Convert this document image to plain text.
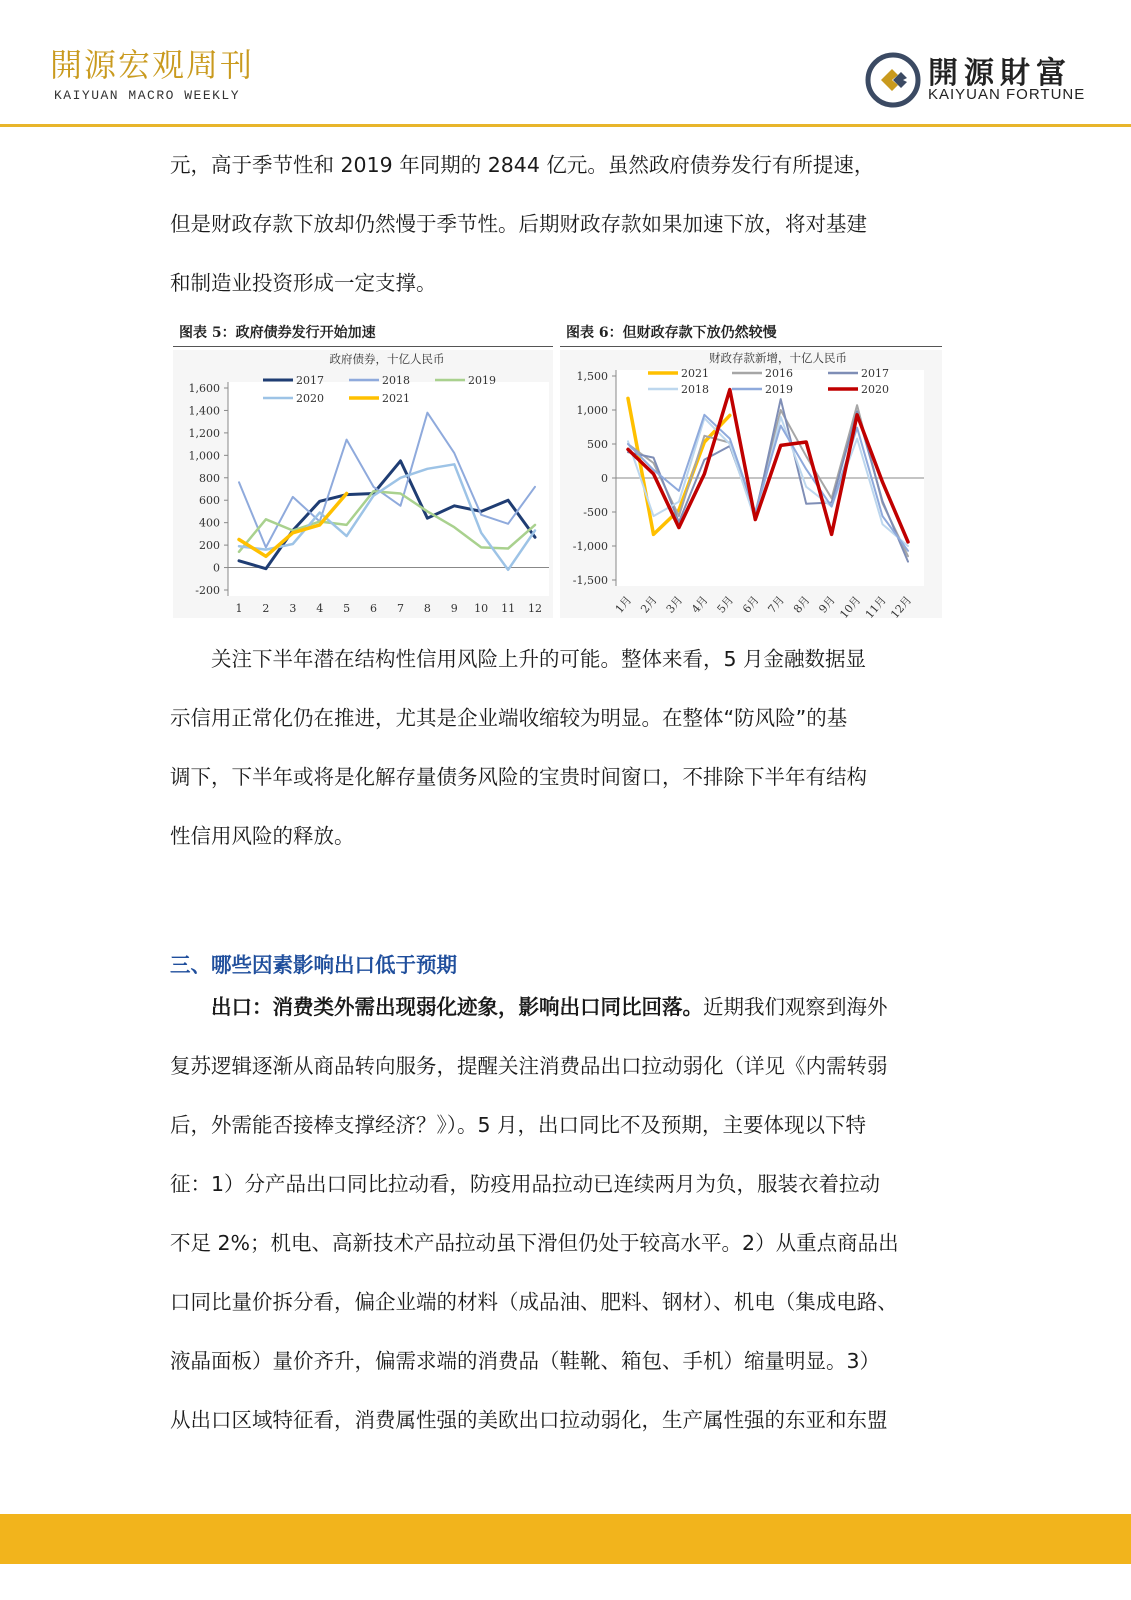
開源宏观周刊
KAIYUAN MACRO WEEKLY
開源財富
KAIYUAN FORTUNE

元，高于季节性和 2019 年同期的 2844 亿元。虽然政府债券发行有所提速，
但是财政存款下放却仍然慢于季节性。后期财政存款如果加速下放，将对基建
和制造业投资形成一定支撑。

图表 5：政府债券发行开始加速
-200
0
200
400
600
800
1,000
1,200
1,400
1,600
1 2 3 4 5 6 7 8 9 10 11 12
政府债券，十亿人民币
2017	2018	2019
2020	2021
图表 6：但财政存款下放仍然较慢
-1,500
-1,000
-500
0
500
1,000
1,500
1月 2月 3月 4月 5月 6月 7月 8月 9月 10月 11月 12月
财政存款新增，十亿人民币
2021	2016	2017
2018	2019	2020

关注下半年潜在结构性信用风险上升的可能。整体来看，5 月金融数据显
示信用正常化仍在推进，尤其是企业端收缩较为明显。在整体“防风险”的基
调下，下半年或将是化解存量债务风险的宝贵时间窗口，不排除下半年有结构
性信用风险的释放。

三、哪些因素影响出口低于预期

出口：消费类外需出现弱化迹象，影响出口同比回落。近期我们观察到海外
复苏逻辑逐渐从商品转向服务，提醒关注消费品出口拉动弱化（详见《内需转弱
后，外需能否接棒支撑经济？》）。5 月，出口同比不及预期，主要体现以下特
征：1）分产品出口同比拉动看，防疫用品拉动已连续两月为负，服装衣着拉动
不足 2%；机电、高新技术产品拉动虽下滑但仍处于较高水平。2）从重点商品出
口同比量价拆分看，偏企业端的材料（成品油、肥料、钢材）、机电（集成电路、
液晶面板）量价齐升，偏需求端的消费品（鞋靴、箱包、手机）缩量明显。3）
从出口区域特征看，消费属性强的美欧出口拉动弱化，生产属性强的东亚和东盟
